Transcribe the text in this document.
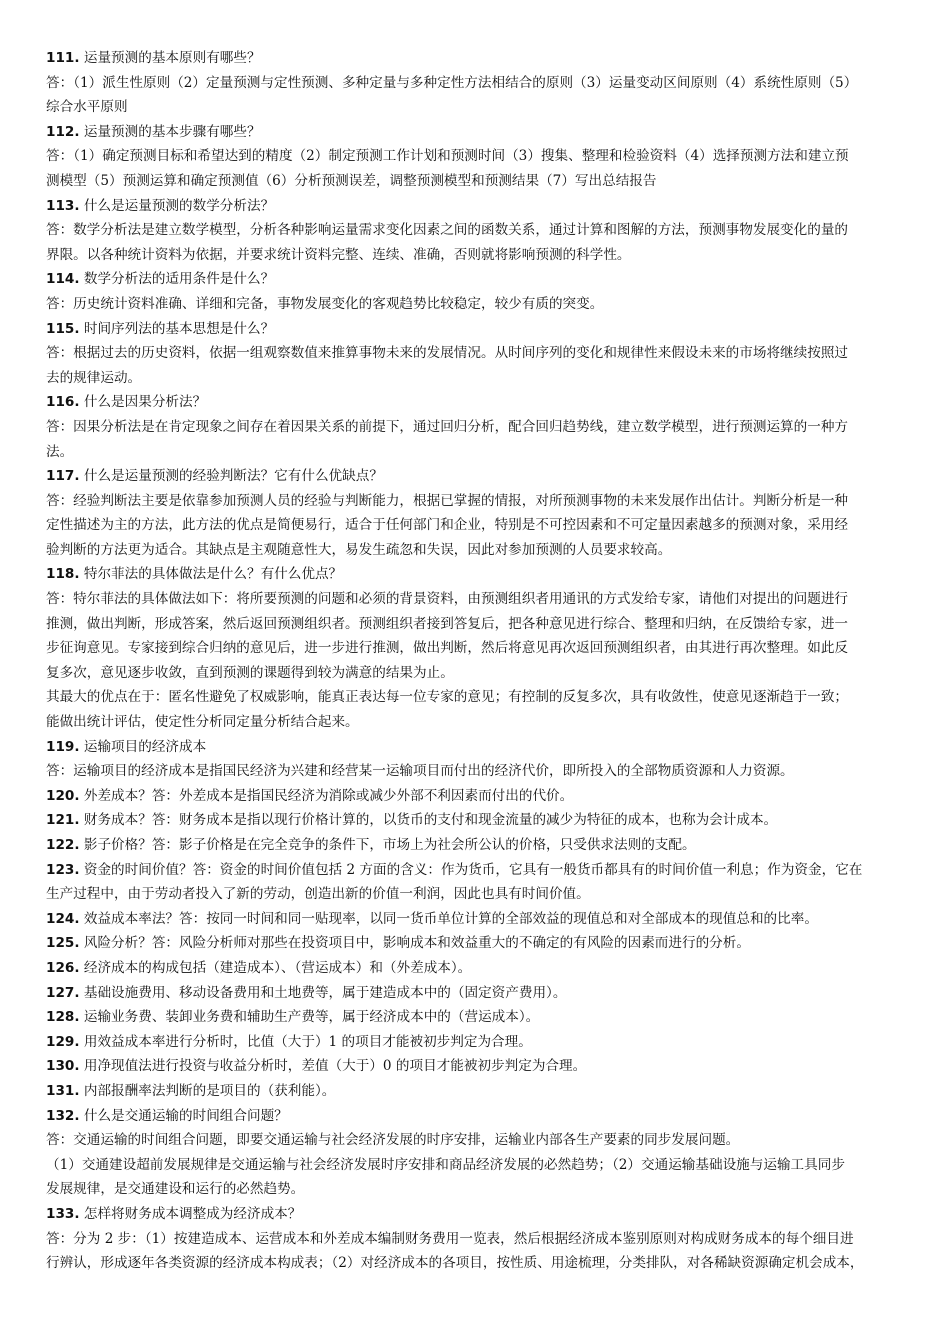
111. 运量预测的基本原则有哪些？
答：（1）派生性原则（2）定量预测与定性预测、多种定量与多种定性方法相结合的原则（3）运量变动区间原则（4）系统性原则（5）
综合水平原则
112. 运量预测的基本步骤有哪些？
答：（1）确定预测目标和希望达到的精度（2）制定预测工作计划和预测时间（3）搜集、整理和检验资料（4）选择预测方法和建立预
测模型（5）预测运算和确定预测值（6）分析预测误差，调整预测模型和预测结果（7）写出总结报告
113. 什么是运量预测的数学分析法？
答：数学分析法是建立数学模型，分析各种影响运量需求变化因素之间的函数关系，通过计算和图解的方法，预测事物发展变化的量的
界限。以各种统计资料为依据，并要求统计资料完整、连续、准确，否则就将影响预测的科学性。
114. 数学分析法的适用条件是什么？
答：历史统计资料准确、详细和完备，事物发展变化的客观趋势比较稳定，较少有质的突变。
115. 时间序列法的基本思想是什么？
答：根据过去的历史资料，依据一组观察数值来推算事物未来的发展情况。从时间序列的变化和规律性来假设未来的市场将继续按照过
去的规律运动。
116. 什么是因果分析法？
答：因果分析法是在肯定现象之间存在着因果关系的前提下，通过回归分析，配合回归趋势线，建立数学模型，进行预测运算的一种方
法。
117. 什么是运量预测的经验判断法？它有什么优缺点？
答：经验判断法主要是依靠参加预测人员的经验与判断能力，根据已掌握的情报，对所预测事物的未来发展作出估计。判断分析是一种
定性描述为主的方法，此方法的优点是简便易行，适合于任何部门和企业，特别是不可控因素和不可定量因素越多的预测对象，采用经
验判断的方法更为适合。其缺点是主观随意性大，易发生疏忽和失误，因此对参加预测的人员要求较高。
118. 特尔菲法的具体做法是什么？有什么优点？
答：特尔菲法的具体做法如下：将所要预测的问题和必须的背景资料，由预测组织者用通讯的方式发给专家，请他们对提出的问题进行
推测，做出判断，形成答案，然后返回预测组织者。预测组织者接到答复后，把各种意见进行综合、整理和归纳，在反馈给专家，进一
步征询意见。专家接到综合归纳的意见后，进一步进行推测，做出判断，然后将意见再次返回预测组织者，由其进行再次整理。如此反
复多次，意见逐步收敛，直到预测的课题得到较为满意的结果为止。
其最大的优点在于：匿名性避免了权威影响，能真正表达每一位专家的意见；有控制的反复多次，具有收敛性，使意见逐渐趋于一致；
能做出统计评估，使定性分析同定量分析结合起来。
119. 运输项目的经济成本
答：运输项目的经济成本是指国民经济为兴建和经营某一运输项目而付出的经济代价，即所投入的全部物质资源和人力资源。
120. 外差成本？答：外差成本是指国民经济为消除或减少外部不利因素而付出的代价。
121. 财务成本？答：财务成本是指以现行价格计算的，以货币的支付和现金流量的减少为特征的成本，也称为会计成本。
122. 影子价格？答：影子价格是在完全竞争的条件下，市场上为社会所公认的价格，只受供求法则的支配。
123. 资金的时间价值？答：资金的时间价值包括 2 方面的含义：作为货币，它具有一般货币都具有的时间价值一利息；作为资金，它在
生产过程中，由于劳动者投入了新的劳动，创造出新的价值一利润，因此也具有时间价值。
124. 效益成本率法？答：按同一时间和同一贴现率，以同一货币单位计算的全部效益的现值总和对全部成本的现值总和的比率。
125. 风险分析？答：风险分析师对那些在投资项目中，影响成本和效益重大的不确定的有风险的因素而进行的分析。
126. 经济成本的构成包括（建造成本）、（营运成本）和（外差成本）。
127. 基础设施费用、移动设备费用和土地费等，属于建造成本中的（固定资产费用）。
128. 运输业务费、装卸业务费和辅助生产费等，属于经济成本中的（营运成本）。
129. 用效益成本率进行分析时，比值（大于）1 的项目才能被初步判定为合理。
130. 用净现值法进行投资与收益分析时，差值（大于）0 的项目才能被初步判定为合理。
131. 内部报酬率法判断的是项目的（获利能）。
132. 什么是交通运输的时间组合问题？
答：交通运输的时间组合问题，即要交通运输与社会经济发展的时序安排，运输业内部各生产要素的同步发展问题。
（1）交通建设超前发展规律是交通运输与社会经济发展时序安排和商品经济发展的必然趋势；（2）交通运输基础设施与运输工具同步
发展规律，是交通建设和运行的必然趋势。
133. 怎样将财务成本调整成为经济成本？
答：分为 2 步：（1）按建造成本、运营成本和外差成本编制财务费用一览表，然后根据经济成本鉴别原则对构成财务成本的每个细目进
行辨认，形成逐年各类资源的经济成本构成表；（2）对经济成本的各项目，按性质、用途梳理，分类排队，对各稀缺资源确定机会成本，
